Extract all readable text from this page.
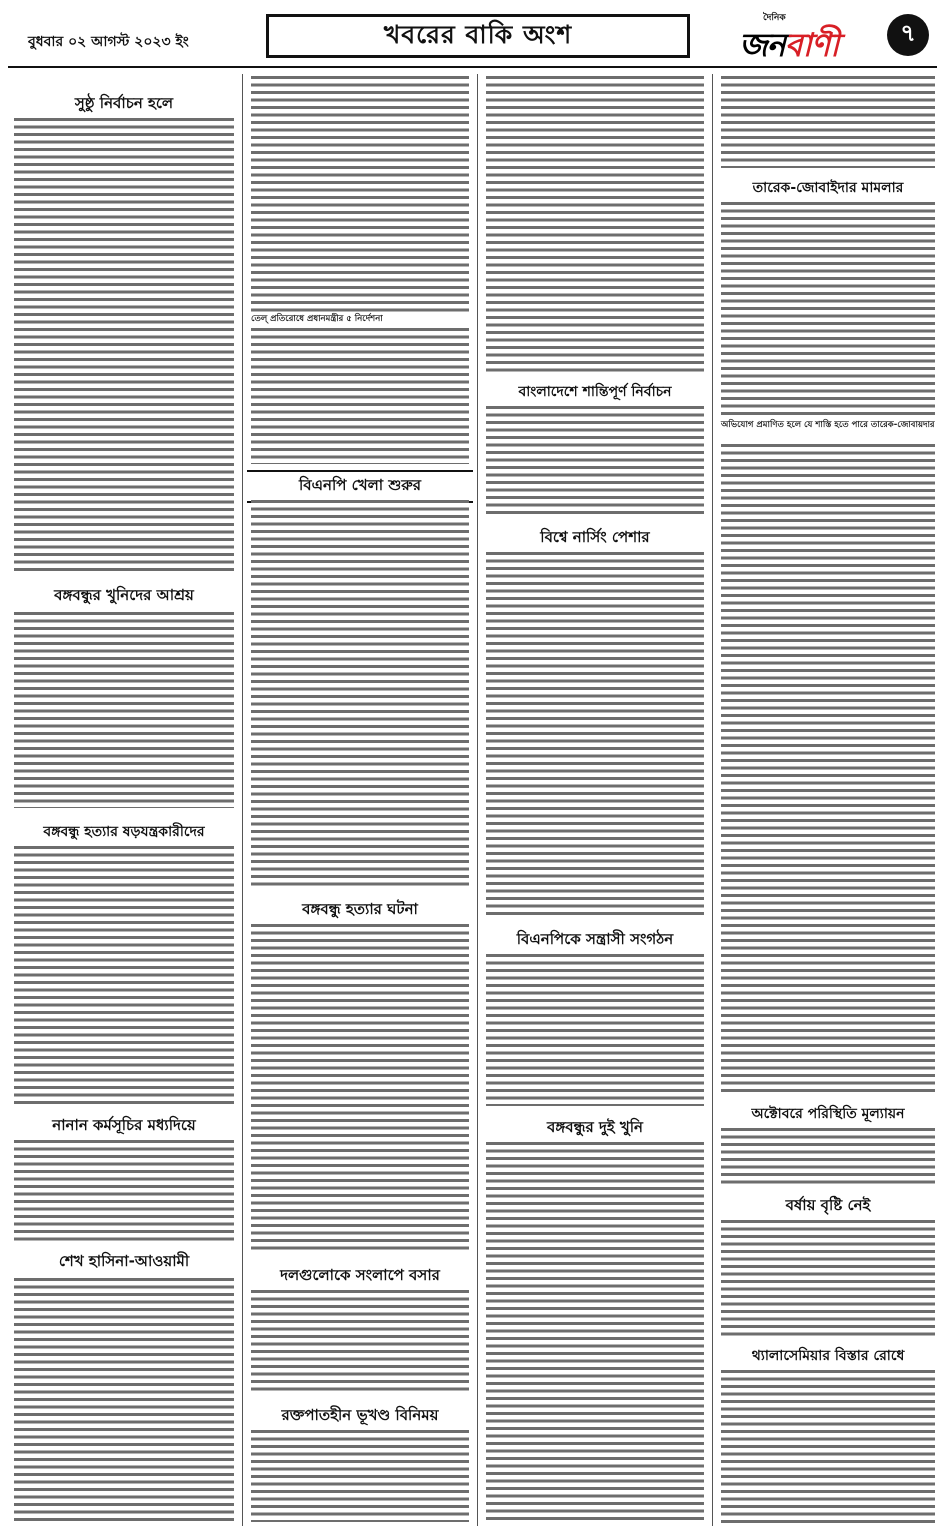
বুধবার ০২ আগস্ট ২০২৩ ইং	খবরের বাকি অংশ
দৈনিক
জনবাণী	৭
সুষ্ঠু নির্বাচন হলে
বঙ্গবন্ধুর খুনিদের আশ্রয়
বঙ্গবন্ধু হত্যার ষড়যন্ত্রকারীদের
নানান কর্মসূচির মধ্যদিয়ে
শেখ হাসিনা-আওয়ামী
তেল্ প্রতিরোধে প্রধানমন্ত্রীর ৫ নির্দেশনা
বিএনপি খেলা শুরুর
বঙ্গবন্ধু হত্যার ঘটনা
দলগুলোকে সংলাপে বসার
রক্তপাতহীন ভূখণ্ড বিনিময়
বাংলাদেশে শান্তিপূর্ণ নির্বাচন
বিশ্বে নার্সিং পেশার
বিএনপিকে সন্ত্রাসী সংগঠন
বঙ্গবন্ধুর দুই খুনি
তারেক-জোবাইদার মামলার
অভিযোগ প্রমাণিত হলে যে শাস্তি হতে পারে তারেক-জোবায়দার
অক্টোবরে পরিস্থিতি মূল্যায়ন
বর্ষায় বৃষ্টি নেই
থ্যালাসেমিয়ার বিস্তার রোধে
